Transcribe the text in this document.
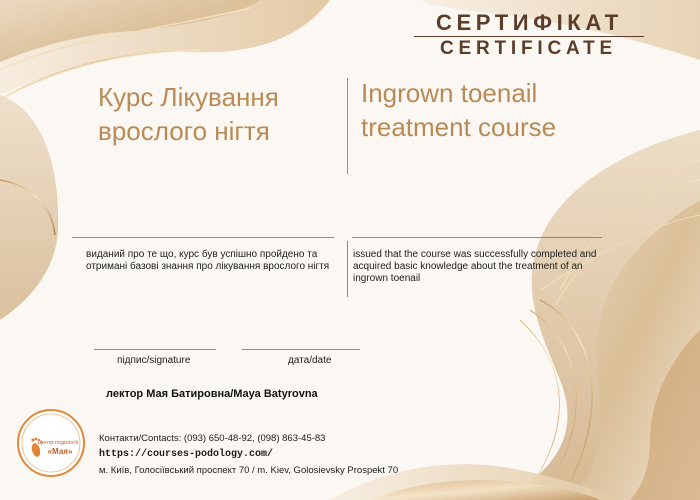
СЕРТИФІКАТ
CERTIFICATE
Курс Лікування
вpослого нігтя
Ingrown toenail
treatment course
виданий про те що, курс був успішно пройдено та
отримані базові знання про лікування врослого нігтя
issued that the course was successfully completed and
acquired basic knowledge about the treatment of an
ingrown toenail
підпис/signature	дата/date
лектор Мая Батировна/Maya Batyrovna
Центр подології
«Мая»
Контакти/Contacts: (093) 650-48-92, (098) 863-45-83
https://courses-podology.com/
м. Київ, Голосіївський проспект 70 / m. Kiev, Golosievsky Prospekt 70
